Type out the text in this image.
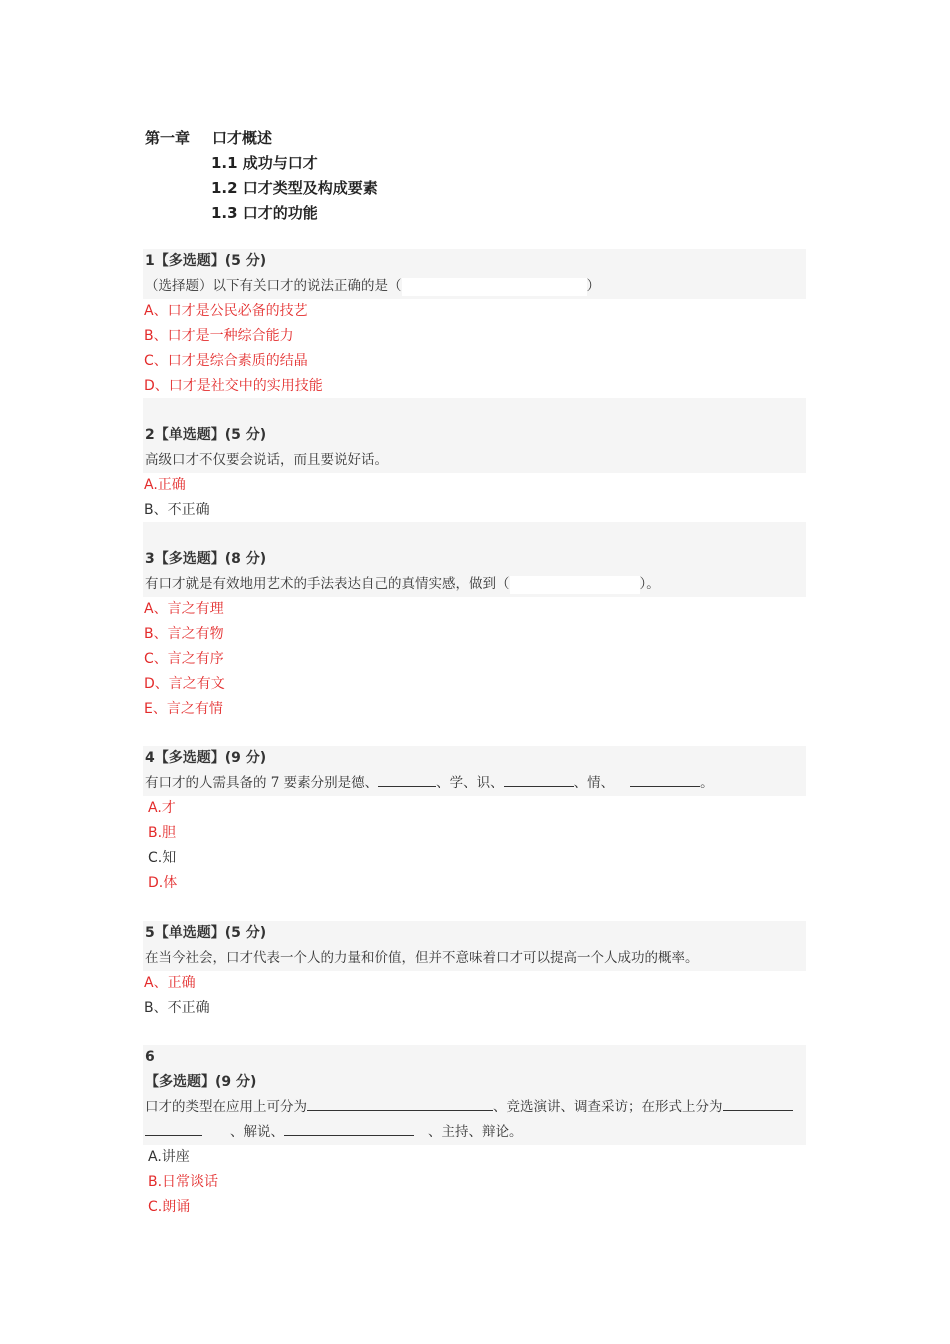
第一章 口才概述
1.1 成功与口才
1.2 口才类型及构成要素
1.3 口才的功能
1【多选题】(5 分)
（选择题）以下有关口才的说法正确的是（	）
A、口才是公民必备的技艺
B、口才是一种综合能力
C、口才是综合素质的结晶
D、口才是社交中的实用技能
2【单选题】(5 分)
高级口才不仅要会说话，而且要说好话。
A.正确
B、不正确
3【多选题】(8 分)
有口才就是有效地用艺术的手法表达自己的真情实感，做到（	）。
A、言之有理
B、言之有物
C、言之有序
D、言之有文
E、言之有情
4【多选题】(9 分)
有口才的人需具备的 7 要素分别是德、	、学、识、	、情、	。
A.才
B.胆
C.知
D.体
5【单选题】(5 分)
在当今社会，口才代表一个人的力量和价值，但并不意味着口才可以提高一个人成功的概率。
A、正确
B、不正确
6
【多选题】(9 分)
口才的类型在应用上可分为	、竞选演讲、调查采访；在形式上分为
、解说、	、主持、辩论。
A.讲座
B.日常谈话
C.朗诵
